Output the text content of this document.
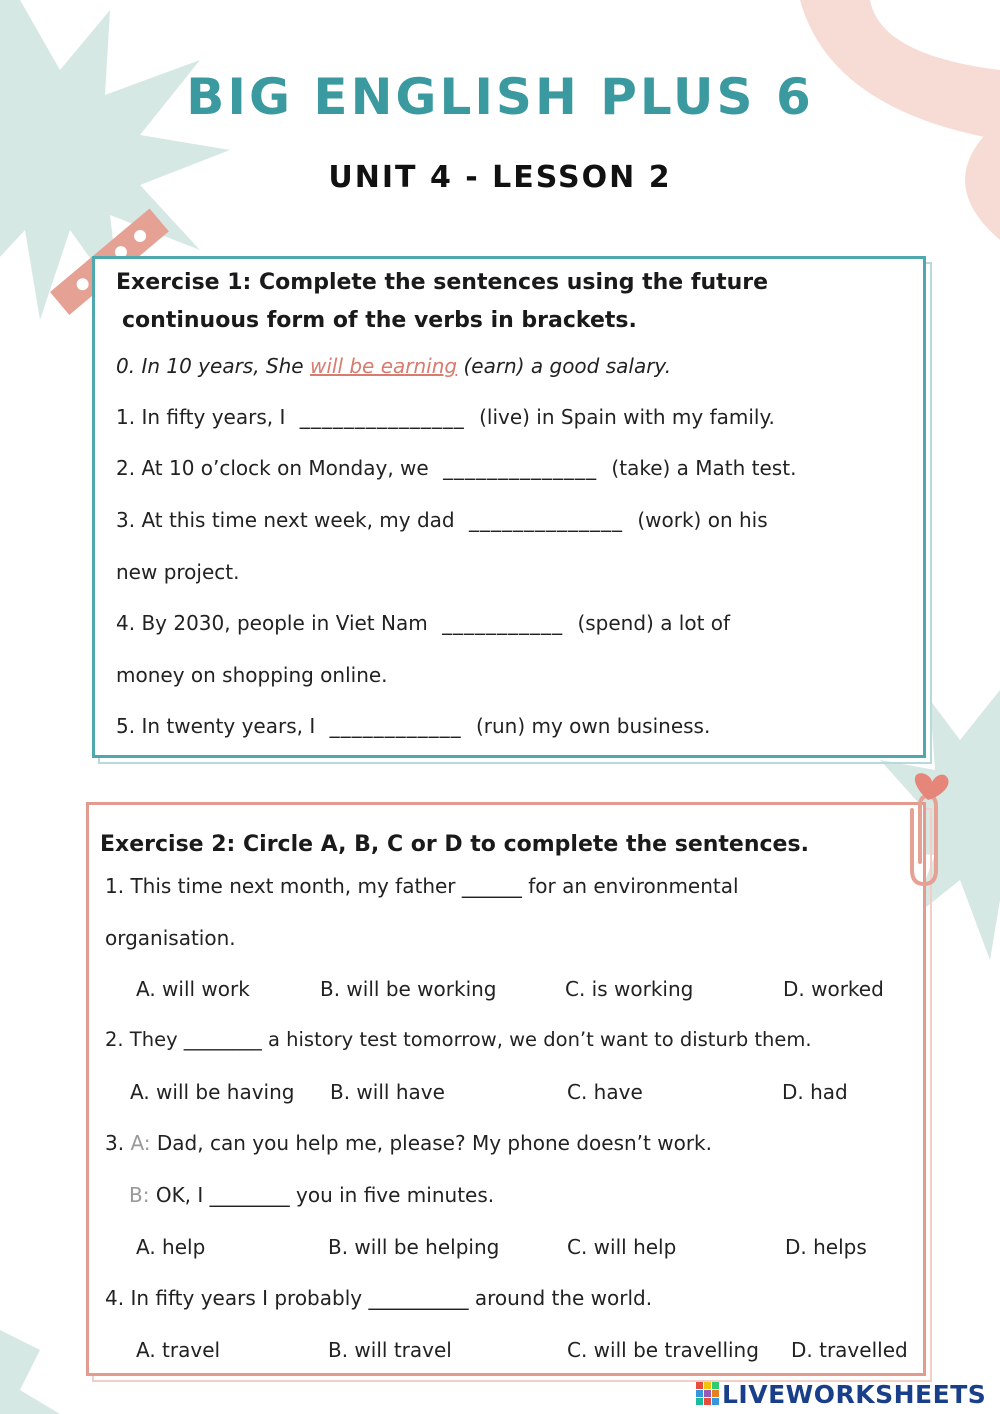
BIG ENGLISH PLUS 6
UNIT 4 - LESSON 2
Exercise 1: Complete the sentences using the future
continuous form of the verbs in brackets.
0. In 10 years, She will be earning (earn) a good salary.
1. In fifty years, I _______________ (live) in Spain with my family.
2. At 10 o’clock on Monday, we ______________ (take) a Math test.
3. At this time next week, my dad ______________ (work) on his
new project.
4. By 2030, people in Viet Nam ___________ (spend) a lot of
money on shopping online.
5. In twenty years, I ____________ (run) my own business.
Exercise 2: Circle A, B, C or D to complete the sentences.
1. This time next month, my father ______ for an environmental
organisation.
A. will work	B. will be working	C. is working	D. worked
2. They ________ a history test tomorrow, we don’t want to disturb them.
A. will be having B. will have	C. have	D. had
3. A: Dad, can you help me, please? My phone doesn’t work.
B: OK, I ________ you in five minutes.
A. help	B. will be helping	C. will help	D. helps
4. In fifty years I probably __________ around the world.
A. travel	B. will travel	C. will be travelling D. travelled
LIVEWORKSHEETS
